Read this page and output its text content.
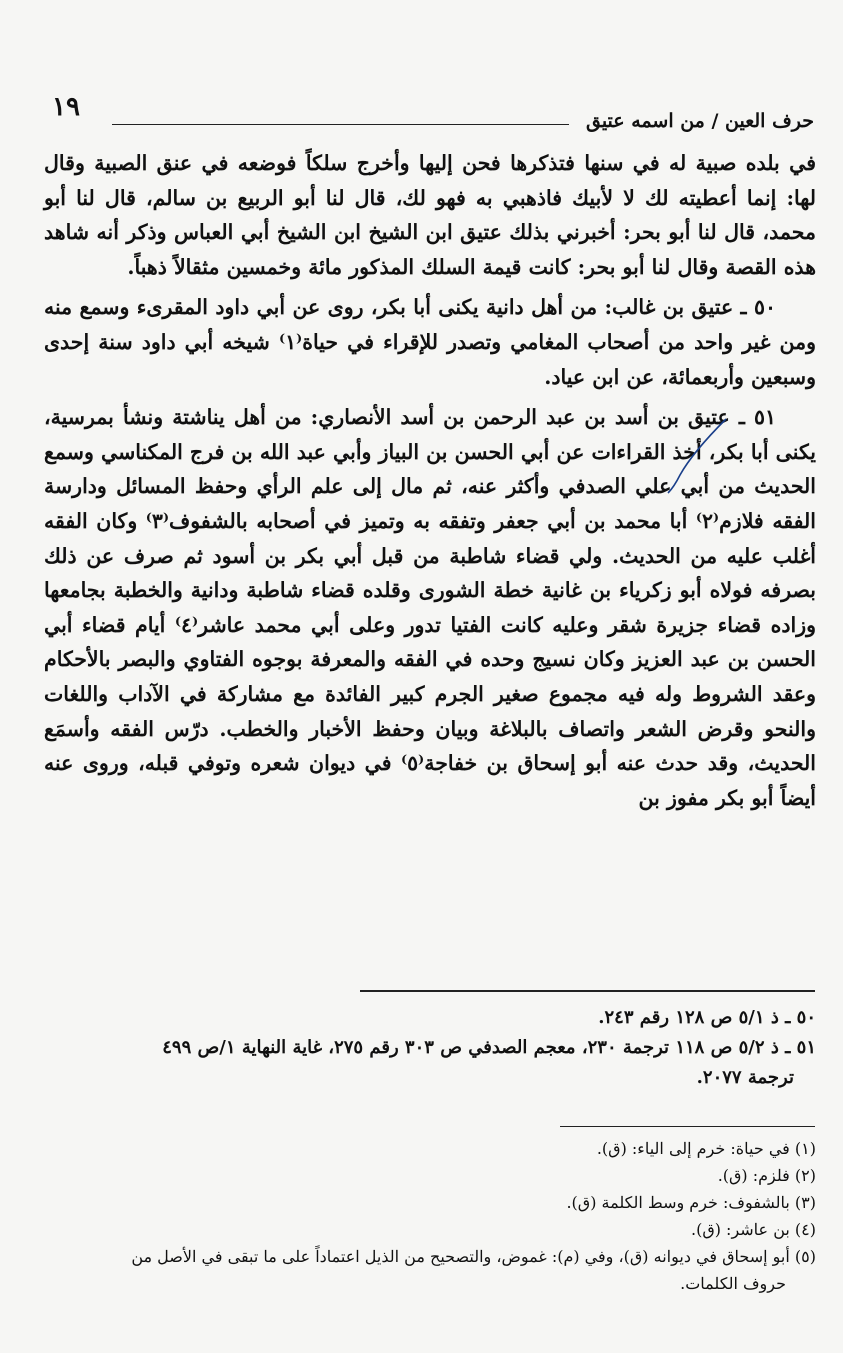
١٩	حرف العين / من اسمه عتيق

في بلده صبية له في سنها فتذكرها فحن إليها وأخرج سلكاً فوضعه في عنق الصبية وقال لها: إنما أعطيته لك لا لأبيك فاذهبي به فهو لك، قال لنا أبو الربيع بن سالم، قال لنا أبو محمد، قال لنا أبو بحر: أخبرني بذلك عتيق ابن الشيخ ابن الشيخ أبي العباس وذكر أنه شاهد هذه القصة وقال لنا أبو بحر: كانت قيمة السلك المذكور مائة وخمسين مثقالاً ذهباً.

٥٠ ـ عتيق بن غالب: من أهل دانية يكنى أبا بكر، روى عن أبي داود المقرىء وسمع منه ومن غير واحد من أصحاب المغامي وتصدر للإقراء في حياة⁽١⁾ شيخه أبي داود سنة إحدى وسبعين وأربعمائة، عن ابن عياد.

٥١ ـ عتيق بن أسد بن عبد الرحمن بن أسد الأنصاري: من أهل يناشتة ونشأ بمرسية، يكنى أبا بكر، أخذ القراءات عن أبي الحسن بن البياز وأبي عبد الله بن فرج المكناسي وسمع الحديث من أبي علي الصدفي وأكثر عنه، ثم مال إلى علم الرأي وحفظ المسائل ودارسة الفقه فلازم⁽٢⁾ أبا محمد بن أبي جعفر وتفقه به وتميز في أصحابه بالشفوف⁽٣⁾ وكان الفقه أغلب عليه من الحديث. ولي قضاء شاطبة من قبل أبي بكر بن أسود ثم صرف عن ذلك بصرفه فولاه أبو زكرياء بن غانية خطة الشورى وقلده قضاء شاطبة ودانية والخطبة بجامعها وزاده قضاء جزيرة شقر وعليه كانت الفتيا تدور وعلى أبي محمد عاشر⁽٤⁾ أيام قضاء أبي الحسن بن عبد العزيز وكان نسيج وحده في الفقه والمعرفة بوجوه الفتاوي والبصر بالأحكام وعقد الشروط وله فيه مجموع صغير الجرم كبير الفائدة مع مشاركة في الآداب واللغات والنحو وقرض الشعر واتصاف بالبلاغة وبيان وحفظ الأخبار والخطب. درّس الفقه وأسمَع الحديث، وقد حدث عنه أبو إسحاق بن خفاجة⁽٥⁾ في ديوان شعره وتوفي قبله، وروى عنه أيضاً أبو بكر مفوز بن

٥٠ ـ ذ ٥/١ ص ١٢٨ رقم ٢٤٣.
٥١ ـ ذ ٥/٢ ص ١١٨ ترجمة ٢٣٠، معجم الصدفي ص ٣٠٣ رقم ٢٧٥، غاية النهاية ١/ص ٤٩٩
ترجمة ٢٠٧٧.
(١) في حياة: خرم إلى الياء: (ق).
(٢) فلزم: (ق).
(٣) بالشفوف: خرم وسط الكلمة (ق).
(٤) بن عاشر: (ق).
(٥) أبو إسحاق في ديوانه (ق)، وفي (م): غموض، والتصحيح من الذيل اعتماداً على ما تبقى في الأصل من
حروف الكلمات.
